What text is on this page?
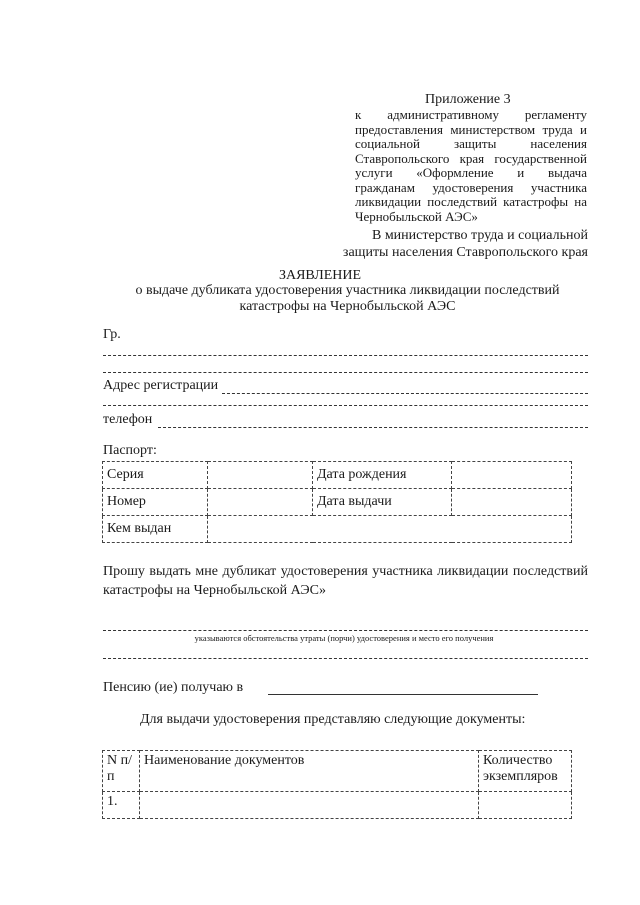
Приложение 3
к административному регламенту предоставления министерством труда и социальной защиты населения Ставропольского края государственной услуги «Оформление и выдача гражданам удостоверения участника ликвидации последствий катастрофы на Чернобыльской АЭС»
В министерство труда и социальной
защиты населения Ставропольского края
ЗАЯВЛЕНИЕ
о выдаче дубликата удостоверения участника ликвидации последствий катастрофы на Чернобыльской АЭС
Гр.
Адрес регистрации
телефон
Паспорт:
Серия		Дата рождения	
Номер		Дата выдачи	
Кем выдан			
Прошу выдать мне дубликат удостоверения участника ликвидации последствий катастрофы на Чернобыльской АЭС»
указываются обстоятельства утраты (порчи) удостоверения и место его получения
Пенсию (ие) получаю в
Для выдачи удостоверения представляю следующие документы:
N п/п	Наименование документов	Количество экземпляров
1.		
